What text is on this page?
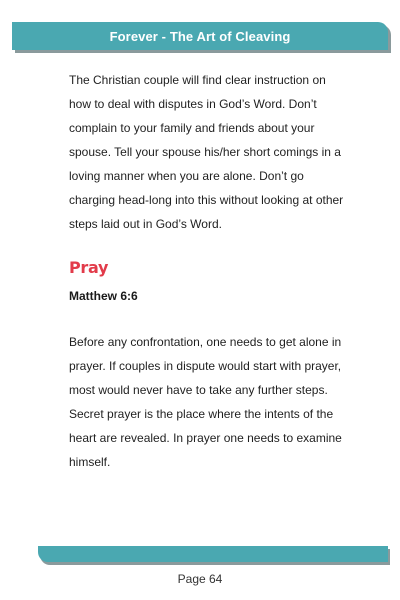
Forever - The Art of Cleaving

The Christian couple will find clear instruction on how to deal with disputes in God’s Word. Don’t complain to your family and friends about your spouse. Tell your spouse his/her short comings in a loving manner when you are alone. Don’t go charging head-long into this without looking at other steps laid out in God’s Word.

Pray

Matthew 6:6

Before any confrontation, one needs to get alone in prayer. If couples in dispute would start with prayer, most would never have to take any further steps. Secret prayer is the place where the intents of the heart are revealed. In prayer one needs to examine himself.

Page 64
